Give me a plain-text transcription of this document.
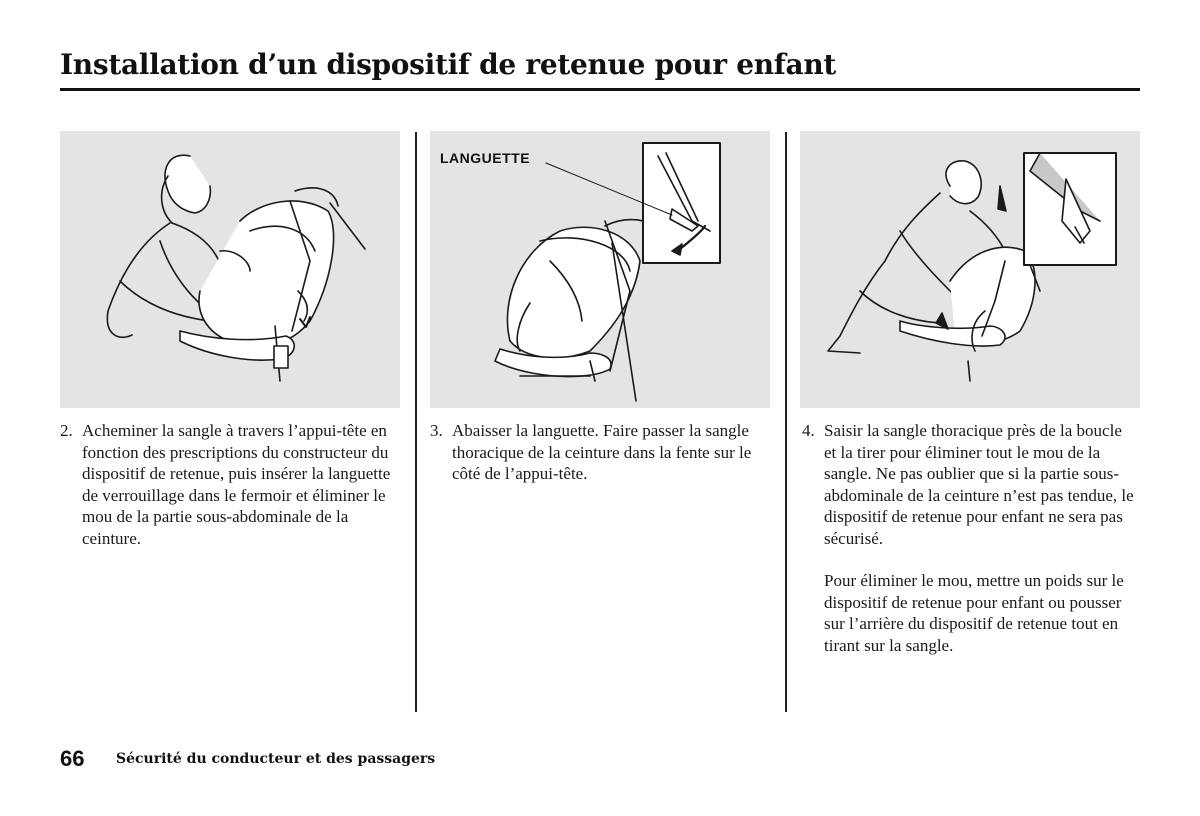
Installation d’un dispositif de retenue pour enfant
LANGUETTE
2. Acheminer la sangle à travers l’appui-tête en fonction des prescriptions du constructeur du dispositif de retenue, puis insérer la languette de verrouillage dans le fermoir et éliminer le mou de la partie sous-abdominale de la ceinture.

3. Abaisser la languette. Faire passer la sangle thoracique de la ceinture dans la fente sur le côté de l’appui-tête.

4. Saisir la sangle thoracique près de la boucle et la tirer pour éliminer tout le mou de la sangle. Ne pas oublier que si la partie sous-abdominale de la ceinture n’est pas tendue, le dispositif de retenue pour enfant ne sera pas sécurisé.

Pour éliminer le mou, mettre un poids sur le dispositif de retenue pour enfant ou pousser sur l’arrière du dispositif de retenue tout en tirant sur la sangle.

66 Sécurité du conducteur et des passagers
